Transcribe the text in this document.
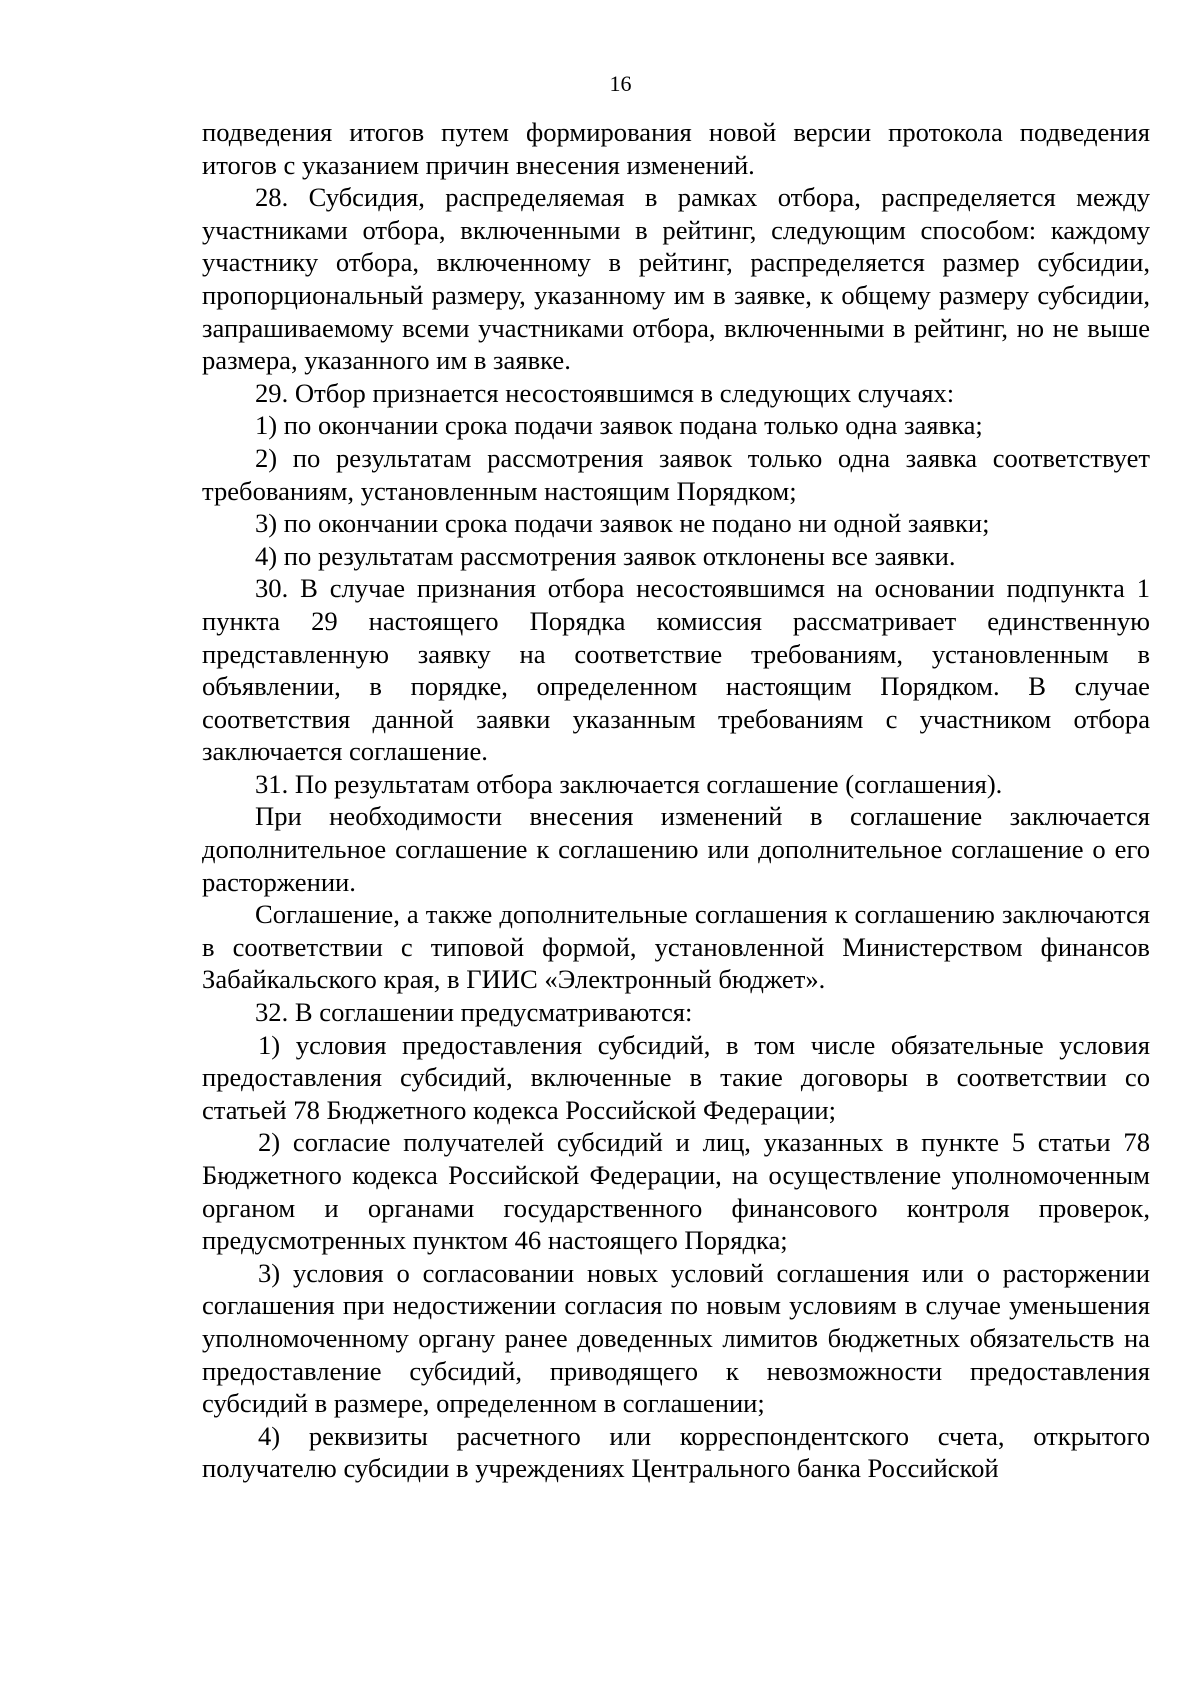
16

подведения итогов путем формирования новой версии протокола подведения итогов с указанием причин внесения изменений.

28. Субсидия, распределяемая в рамках отбора, распределяется между участниками отбора, включенными в рейтинг, следующим способом: каждому участнику отбора, включенному в рейтинг, распределяется размер субсидии, пропорциональный размеру, указанному им в заявке, к общему размеру субсидии, запрашиваемому всеми участниками отбора, включенными в рейтинг, но не выше размера, указанного им в заявке.

29. Отбор признается несостоявшимся в следующих случаях:

1) по окончании срока подачи заявок подана только одна заявка;

2) по результатам рассмотрения заявок только одна заявка соответствует требованиям, установленным настоящим Порядком;

3) по окончании срока подачи заявок не подано ни одной заявки;

4) по результатам рассмотрения заявок отклонены все заявки.

30. В случае признания отбора несостоявшимся на основании подпункта 1 пункта 29 настоящего Порядка комиссия рассматривает единственную представленную заявку на соответствие требованиям, установленным в объявлении, в порядке, определенном настоящим Порядком. В случае соответствия данной заявки указанным требованиям с участником отбора заключается соглашение.

31. По результатам отбора заключается соглашение (соглашения).

При необходимости внесения изменений в соглашение заключается дополнительное соглашение к соглашению или дополнительное соглашение о его расторжении.

Соглашение, а также дополнительные соглашения к соглашению заключаются в соответствии с типовой формой, установленной Министерством финансов Забайкальского края, в ГИИС «Электронный бюджет».

32. В соглашении предусматриваются:

1) условия предоставления субсидий, в том числе обязательные условия предоставления субсидий, включенные в такие договоры в соответствии со статьей 78 Бюджетного кодекса Российской Федерации;

2) согласие получателей субсидий и лиц, указанных в пункте 5 статьи 78 Бюджетного кодекса Российской Федерации, на осуществление уполномоченным органом и органами государственного финансового контроля проверок, предусмотренных пунктом 46 настоящего Порядка;

3) условия о согласовании новых условий соглашения или о расторжении соглашения при недостижении согласия по новым условиям в случае уменьшения уполномоченному органу ранее доведенных лимитов бюджетных обязательств на предоставление субсидий, приводящего к невозможности предоставления субсидий в размере, определенном в соглашении;

4) реквизиты расчетного или корреспондентского счета, открытого получателю субсидии в учреждениях Центрального банка Российской
